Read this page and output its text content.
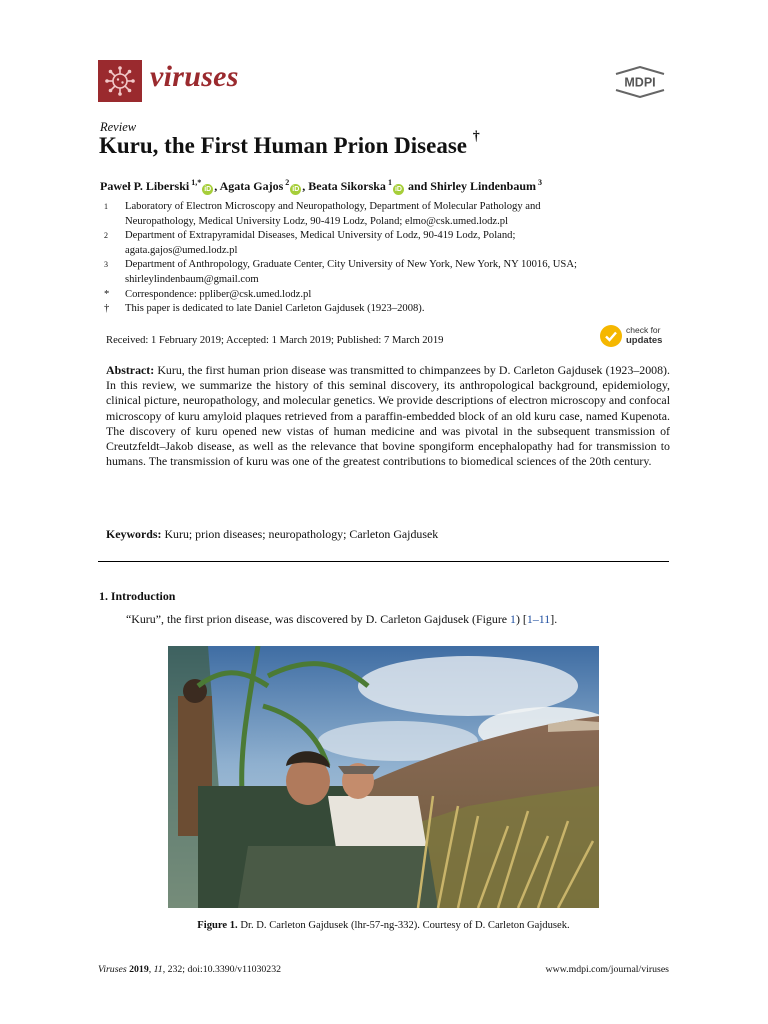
viruses	MDPI
Review
Kuru, the First Human Prion Disease †
Paweł P. Liberski $^{1,*}$iD , Agata Gajos $^2$iD , Beata Sikorska $^1$iD and Shirley Lindenbaum $^3$
1 Laboratory of Electron Microscopy and Neuropathology, Department of Molecular Pathology and
Neuropathology, Medical University Lodz, 90-419 Lodz, Poland; elmo@csk.umed.lodz.pl
2 Department of Extrapyramidal Diseases, Medical University of Lodz, 90-419 Lodz, Poland;
agata.gajos@umed.lodz.pl
3 Department of Anthropology, Graduate Center, City University of New York, New York, NY 10016, USA;
shirleylindenbaum@gmail.com
* Correspondence: ppliber@csk.umed.lodz.pl
† This paper is dedicated to late Daniel Carleton Gajdusek (1923–2008).
Received: 1 February 2019; Accepted: 1 March 2019; Published: 7 March 2019
check for
updates
Abstract: Kuru, the first human prion disease was transmitted to chimpanzees by D. Carleton Gajdusek (1923–2008). In this review, we summarize the history of this seminal discovery, its anthropological background, epidemiology, clinical picture, neuropathology, and molecular genetics. We provide descriptions of electron microscopy and confocal microscopy of kuru amyloid plaques retrieved from a paraffin-embedded block of an old kuru case, named Kupenota. The discovery of kuru opened new vistas of human medicine and was pivotal in the subsequent transmission of Creutzfeldt–Jakob disease, as well as the relevance that bovine spongiform encephalopathy had for transmission to humans. The transmission of kuru was one of the greatest contributions to biomedical sciences of the 20th century.
Keywords: Kuru; prion diseases; neuropathology; Carleton Gajdusek
1. Introduction
“Kuru”, the first prion disease, was discovered by D. Carleton Gajdusek (Figure 1) [1–11].
Figure 1. Dr. D. Carleton Gajdusek (lhr-57-ng-332). Courtesy of D. Carleton Gajdusek.
Viruses 2019, 11, 232; doi:10.3390/v11030232	www.mdpi.com/journal/viruses
